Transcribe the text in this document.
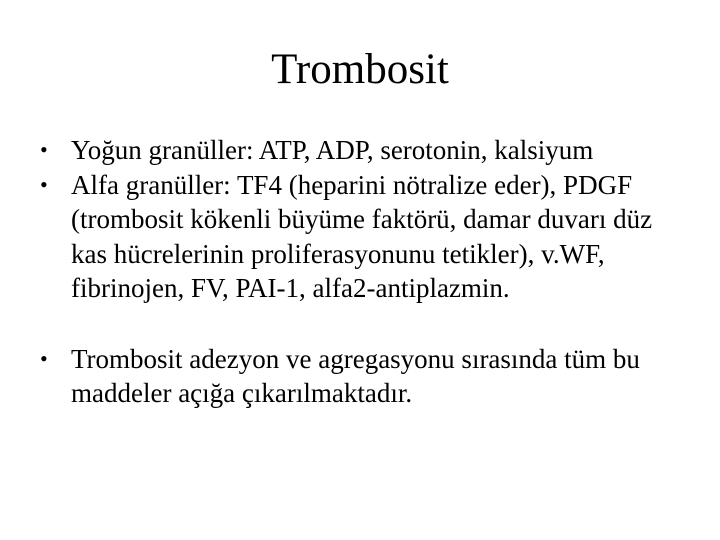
Trombosit
• Yoğun granüller: ATP, ADP, serotonin, kalsiyum
• Alfa granüller: TF4 (heparini nötralize eder), PDGF (trombosit kökenli büyüme faktörü, damar duvarı düz kas hücrelerinin proliferasyonunu tetikler), v.WF, fibrinojen, FV, PAI-1, alfa2-antiplazmin.
• Trombosit adezyon ve agregasyonu sırasında tüm bu maddeler açığa çıkarılmaktadır.
